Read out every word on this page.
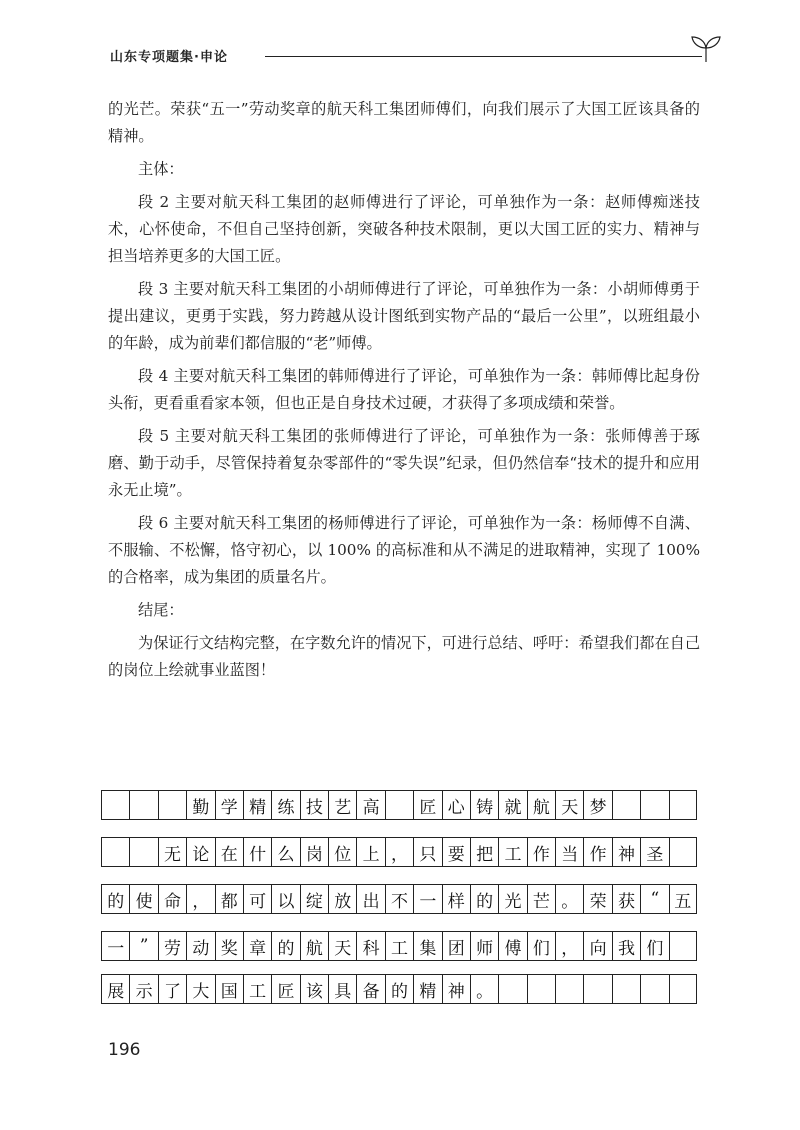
山东专项题集·申论

的光芒。荣获“五一”劳动奖章的航天科工集团师傅们，向我们展示了大国工匠该具备的精神。

主体：

段 2 主要对航天科工集团的赵师傅进行了评论，可单独作为一条：赵师傅痴迷技术，心怀使命，不但自己坚持创新，突破各种技术限制，更以大国工匠的实力、精神与担当培养更多的大国工匠。

段 3 主要对航天科工集团的小胡师傅进行了评论，可单独作为一条：小胡师傅勇于提出建议，更勇于实践，努力跨越从设计图纸到实物产品的“最后一公里”，以班组最小的年龄，成为前辈们都信服的“老”师傅。

段 4 主要对航天科工集团的韩师傅进行了评论，可单独作为一条：韩师傅比起身份头衔，更看重看家本领，但也正是自身技术过硬，才获得了多项成绩和荣誉。

段 5 主要对航天科工集团的张师傅进行了评论，可单独作为一条：张师傅善于琢磨、勤于动手，尽管保持着复杂零部件的“零失误”纪录，但仍然信奉“技术的提升和应用永无止境”。

段 6 主要对航天科工集团的杨师傅进行了评论，可单独作为一条：杨师傅不自满、不服输、不松懈，恪守初心，以 100% 的高标准和从不满足的进取精神，实现了 100% 的合格率，成为集团的质量名片。

结尾：

为保证行文结构完整，在字数允许的情况下，可进行总结、呼吁：希望我们都在自己的岗位上绘就事业蓝图！

勤 学 精 练 技 艺 高	匠 心 铸 就 航 天 梦
无 论 在 什 么 岗 位 上 ， 只 要 把 工 作 当 作 神 圣
的 使 命 ， 都 可 以 绽 放 出 不 一 样 的 光 芒 。 荣 获 “ 五
一 ” 劳 动 奖 章 的 航 天 科 工 集 团 师 傅 们 ， 向 我 们
展 示 了 大 国 工 匠 该 具 备 的 精 神 。
196
